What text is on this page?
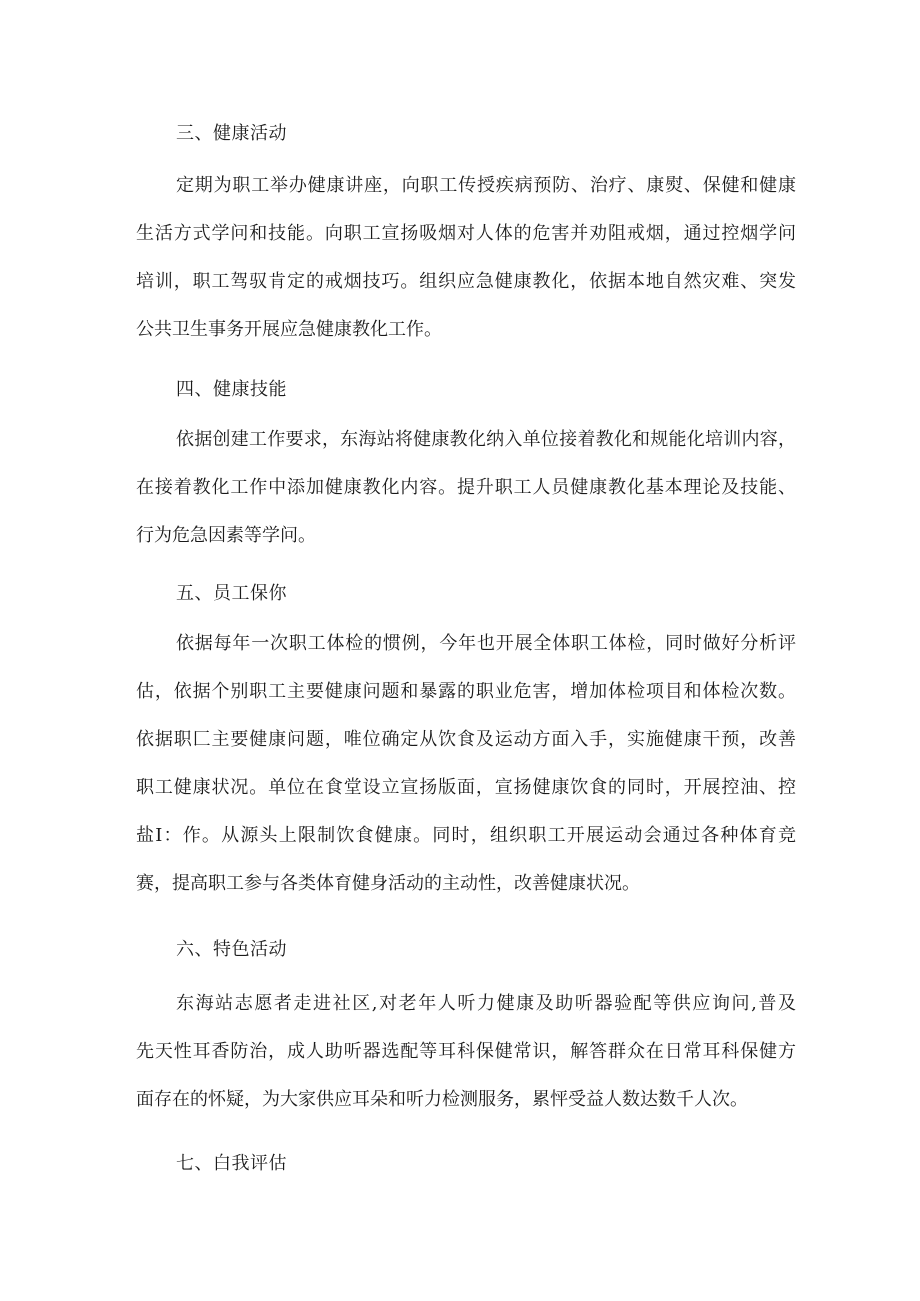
三、健康活动
定期为职工举办健康讲座，向职工传授疾病预防、治疗、康熨、保健和健康
生活方式学问和技能。向职工宣扬吸烟对人体的危害并劝阻戒烟，通过控烟学问
培训，职工驾驭肯定的戒烟技巧。组织应急健康教化，依据本地自然灾难、突发
公共卫生事务开展应急健康教化工作。
四、健康技能
依据创建工作要求，东海站将健康教化纳入单位接着教化和规能化培训内容，
在接着教化工作中添加健康教化内容。提升职工人员健康教化基本理论及技能、
行为危急因素等学问。
五、员工保你
依据每年一次职工体检的惯例，今年也开展全体职工体检，同时做好分析评
估，依据个别职工主要健康问题和暴露的职业危害，增加体检项目和体检次数。
依据职匚主要健康问题，唯位确定从饮食及运动方面入手，实施健康干预，改善
职工健康状况。单位在食堂设立宣扬版面，宣扬健康饮食的同时，开展控油、控
盐I：作。从源头上限制饮食健康。同时，组织职工开展运动会通过各种体育竞
赛，提高职工参与各类体育健身活动的主动性，改善健康状况。
六、特色活动
东海站志愿者走进社区,对老年人听力健康及助听器验配等供应询问,普及
先天性耳香防治，成人助听器选配等耳科保健常识，解答群众在日常耳科保健方
面存在的怀疑，为大家供应耳朵和听力检测服务，累怦受益人数达数千人次。
七、白我评估
